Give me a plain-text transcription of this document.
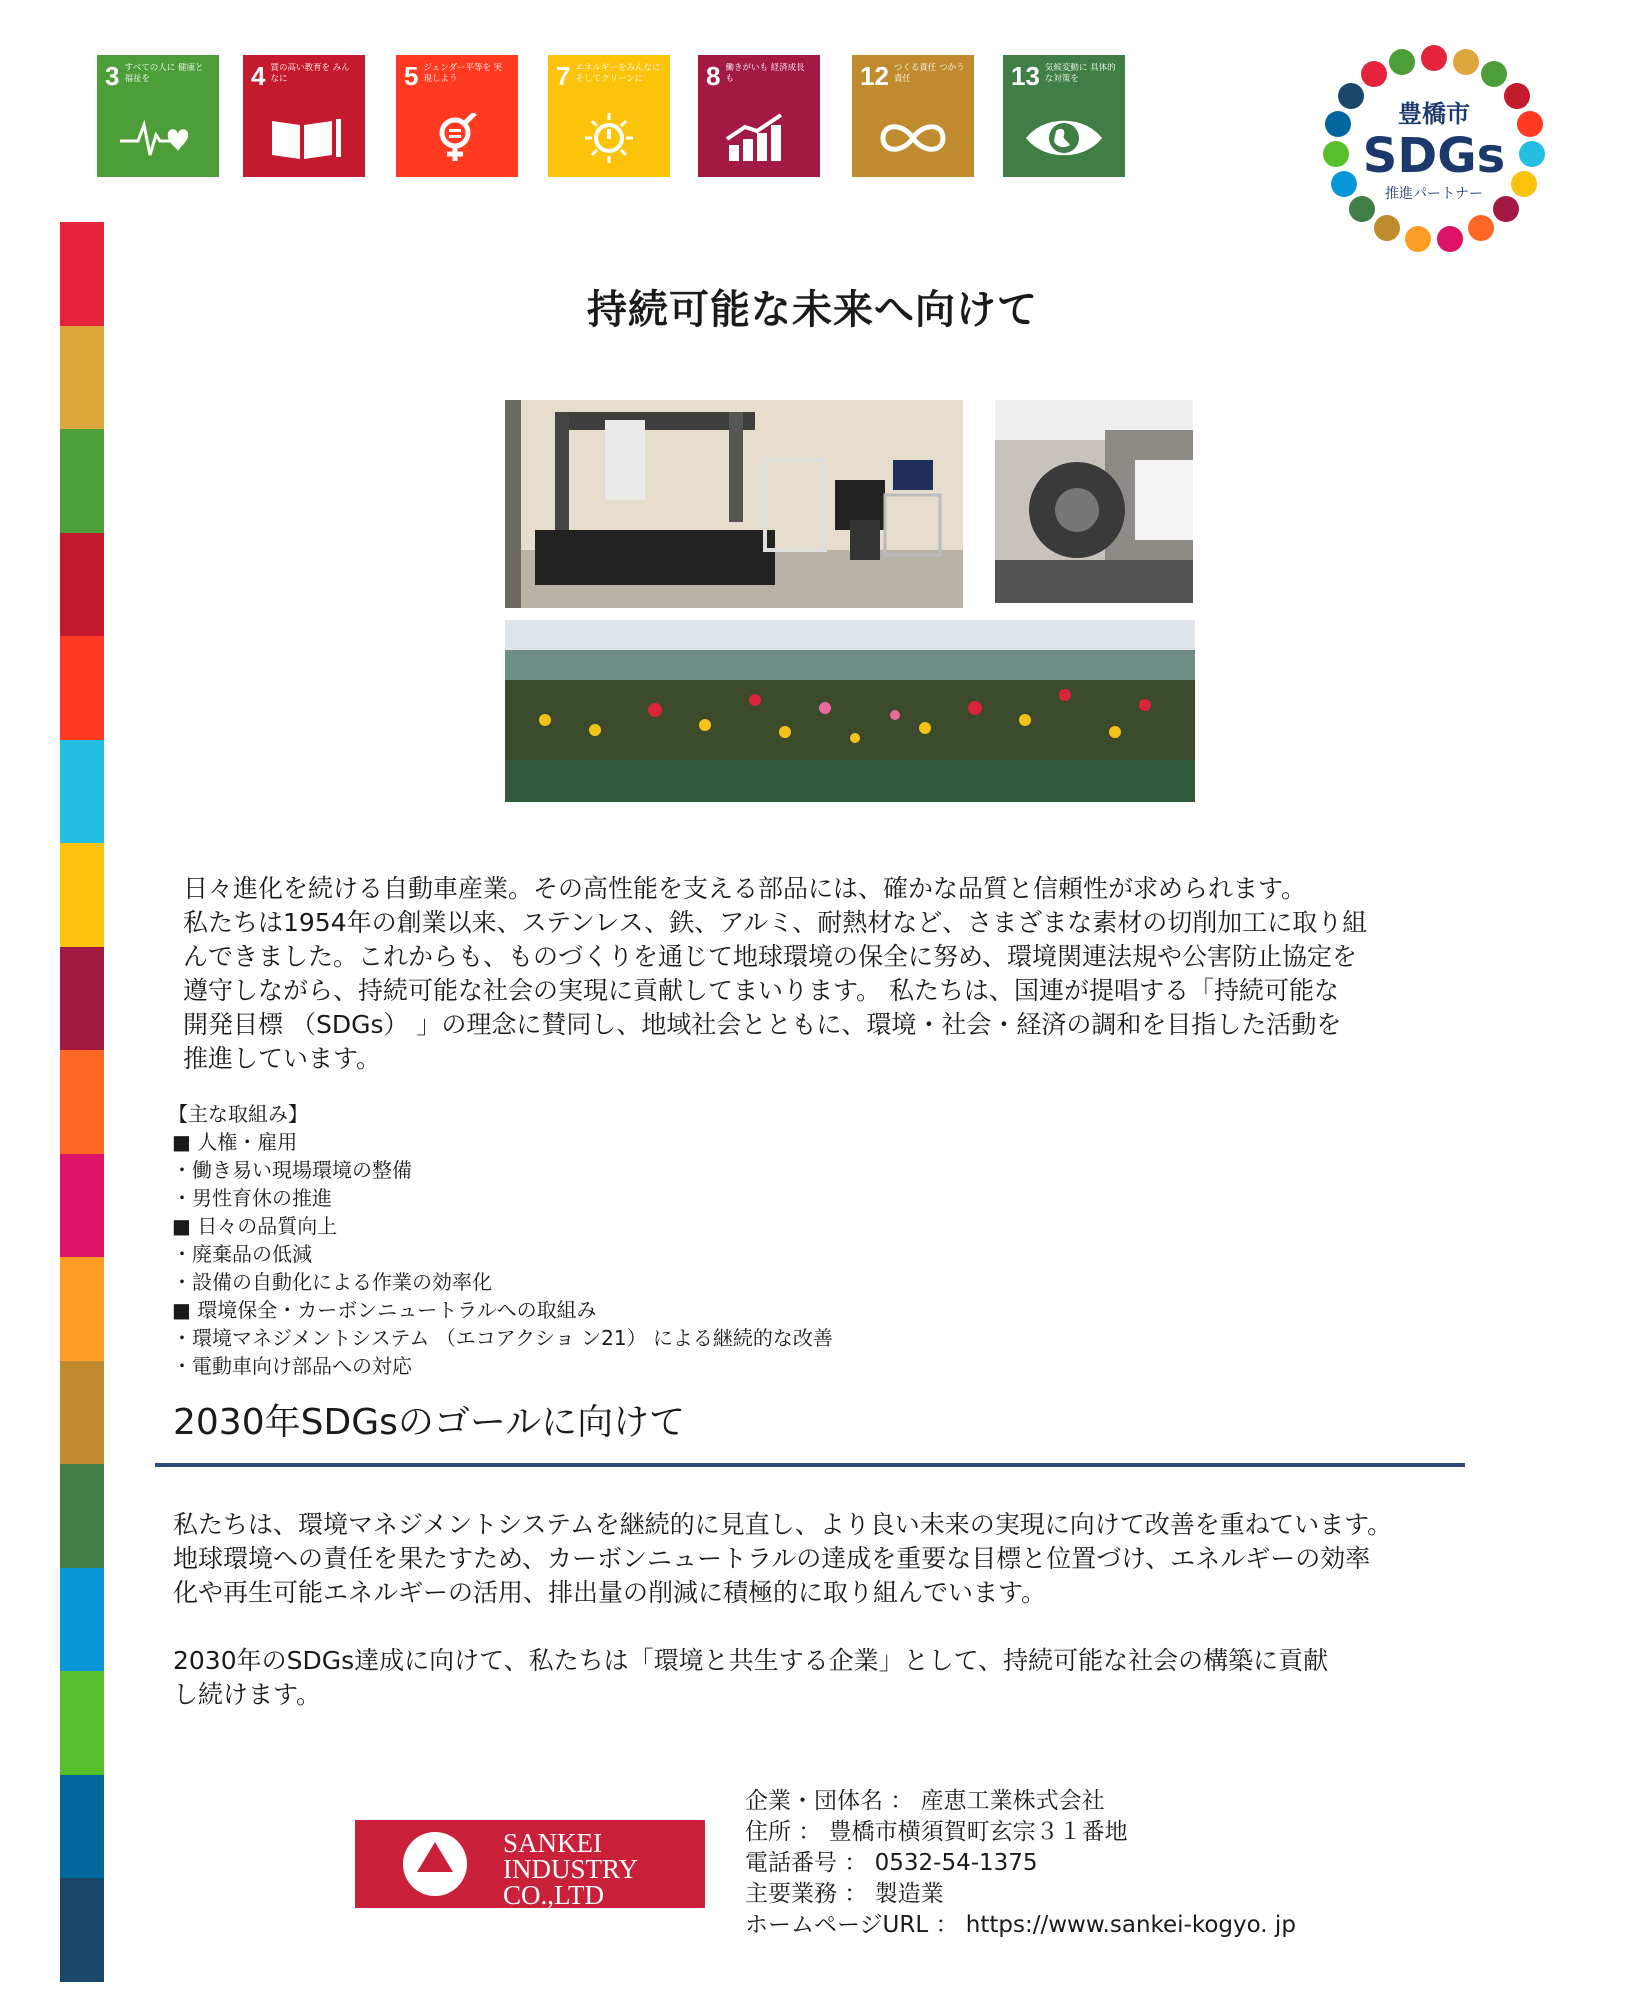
3 すべての人に 健康と福祉を	4 質の高い教育を みんなに	5 ジェンダー平等を 実現しよう	7 エネルギーをみんなに そしてクリーンに	8 働きがいも 経済成長も	12 つくる責任 つかう責任	13 気候変動に 具体的な対策を
豊橋市
SDGs
推進パートナー
持続可能な未来へ向けて

日々進化を続ける自動車産業。その高性能を支える部品には、確かな品質と信頼性が求められます。

私たちは1954年の創業以来、ステンレス、鉄、アルミ、耐熱材など、さまざまな素材の切削加工に取り組

んできました。これからも、ものづくりを通じて地球環境の保全に努め、環境関連法規や公害防止協定を

遵守しながら、持続可能な社会の実現に貢献してまいります。 私たちは、国連が提唱する「持続可能な

開発目標 （SDGs） 」の理念に賛同し、地域社会とともに、環境・社会・経済の調和を目指した活動を

推進しています。

【主な取組み】
■ 人権・雇用
・働き易い現場環境の整備
・男性育休の推進
■ 日々の品質向上
・廃棄品の低減
・設備の自動化による作業の効率化
■ 環境保全・カーボンニュートラルへの取組み
・環境マネジメントシステム （エコアクショ ン21） による継続的な改善
・電動車向け部品への対応
2030年SDGsのゴールに向けて

私たちは、環境マネジメントシステムを継続的に見直し、より良い未来の実現に向けて改善を重ねています。
地球環境への責任を果たすため、カーボンニュートラルの達成を重要な目標と位置づけ、エネルギーの効率
化や再生可能エネルギーの活用、排出量の削減に積極的に取り組んでいます。

2030年のSDGs達成に向けて、私たちは「環境と共生する企業」として、持続可能な社会の構築に貢献
し続けます。

SANKEI
INDUSTRY
CO.,LTD
企業・団体名 ： 産恵工業株式会社
住所 ： 豊橋市横須賀町玄宗３１番地
電話番号 ： 0532-54-1375
主要業務 ： 製造業
ホームページURL ： https://www.sankei-kogyo. jp
